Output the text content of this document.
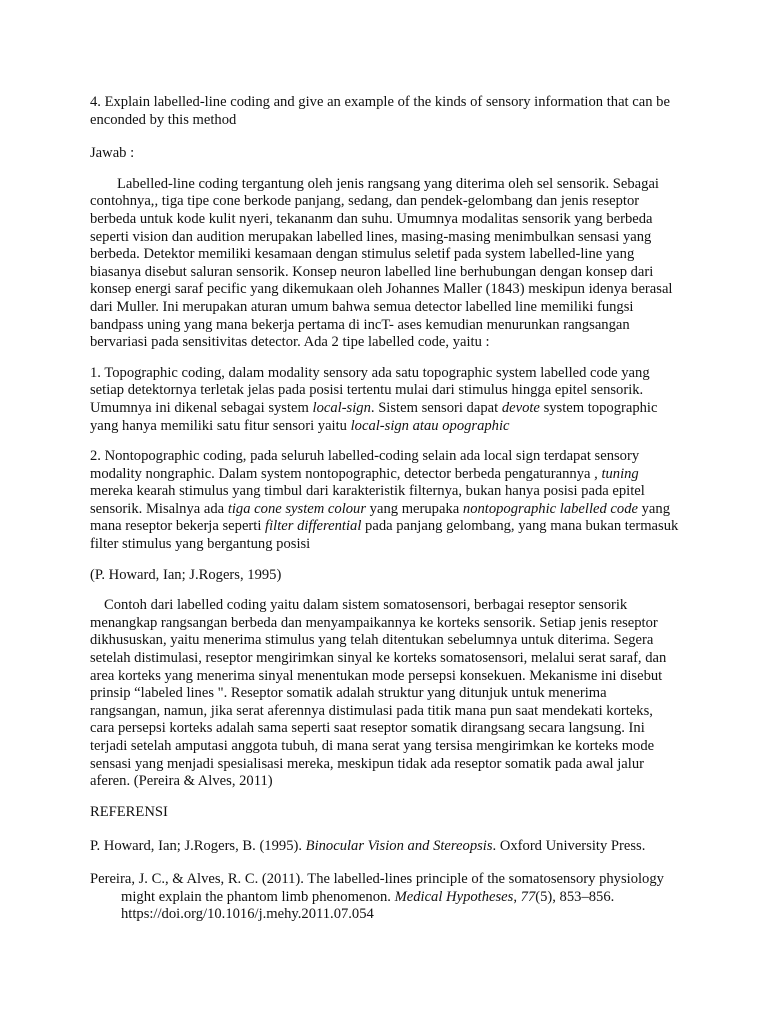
4. Explain labelled-line coding and give an example of the kinds of sensory information that can be enconded by this method

Jawab :

Labelled-line coding tergantung oleh jenis rangsang yang diterima oleh sel sensorik. Sebagai contohnya,, tiga tipe cone berkode panjang, sedang, dan pendek-gelombang dan jenis reseptor berbeda untuk kode kulit nyeri, tekananm dan suhu. Umumnya modalitas sensorik yang berbeda seperti vision dan audition merupakan labelled lines, masing-masing menimbulkan sensasi yang berbeda. Detektor memiliki kesamaan dengan stimulus seletif pada system labelled-line yang biasanya disebut saluran sensorik. Konsep neuron labelled line berhubungan dengan konsep dari konsep energi saraf pecific yang dikemukaan oleh Johannes Maller (1843) meskipun idenya berasal dari Muller. Ini merupakan aturan umum bahwa semua detector labelled line memiliki fungsi bandpass uning yang mana bekerja pertama di incT- ases kemudian menurunkan rangsangan bervariasi pada sensitivitas detector. Ada 2 tipe labelled code, yaitu :

1. Topographic coding, dalam modality sensory ada satu topographic system labelled code yang setiap detektornya terletak jelas pada posisi tertentu mulai dari stimulus hingga epitel sensorik. Umumnya ini dikenal sebagai system local-sign. Sistem sensori dapat devote system topographic yang hanya memiliki satu fitur sensori yaitu local-sign atau opographic

2. Nontopographic coding, pada seluruh labelled-coding selain ada local sign terdapat sensory modality nongraphic. Dalam system nontopographic, detector berbeda pengaturannya , tuning mereka kearah stimulus yang timbul dari karakteristik filternya, bukan hanya posisi pada epitel sensorik. Misalnya ada tiga cone system colour yang merupaka nontopographic labelled code yang mana reseptor bekerja seperti filter differential pada panjang gelombang, yang mana bukan termasuk filter stimulus yang bergantung posisi

(P. Howard, Ian; J.Rogers, 1995)

Contoh dari labelled coding yaitu dalam sistem somatosensori, berbagai reseptor sensorik menangkap rangsangan berbeda dan menyampaikannya ke korteks sensorik. Setiap jenis reseptor dikhususkan, yaitu menerima stimulus yang telah ditentukan sebelumnya untuk diterima. Segera setelah distimulasi, reseptor mengirimkan sinyal ke korteks somatosensori, melalui serat saraf, dan area korteks yang menerima sinyal menentukan mode persepsi konsekuen. Mekanisme ini disebut prinsip “labeled lines ". Reseptor somatik adalah struktur yang ditunjuk untuk menerima rangsangan, namun, jika serat aferennya distimulasi pada titik mana pun saat mendekati korteks, cara persepsi korteks adalah sama seperti saat reseptor somatik dirangsang secara langsung. Ini terjadi setelah amputasi anggota tubuh, di mana serat yang tersisa mengirimkan ke korteks mode sensasi yang menjadi spesialisasi mereka, meskipun tidak ada reseptor somatik pada awal jalur aferen. (Pereira & Alves, 2011)

REFERENSI

P. Howard, Ian; J.Rogers, B. (1995). Binocular Vision and Stereopsis. Oxford University Press.

Pereira, J. C., & Alves, R. C. (2011). The labelled-lines principle of the somatosensory physiology might explain the phantom limb phenomenon. Medical Hypotheses, 77(5), 853–856. https://doi.org/10.1016/j.mehy.2011.07.054
